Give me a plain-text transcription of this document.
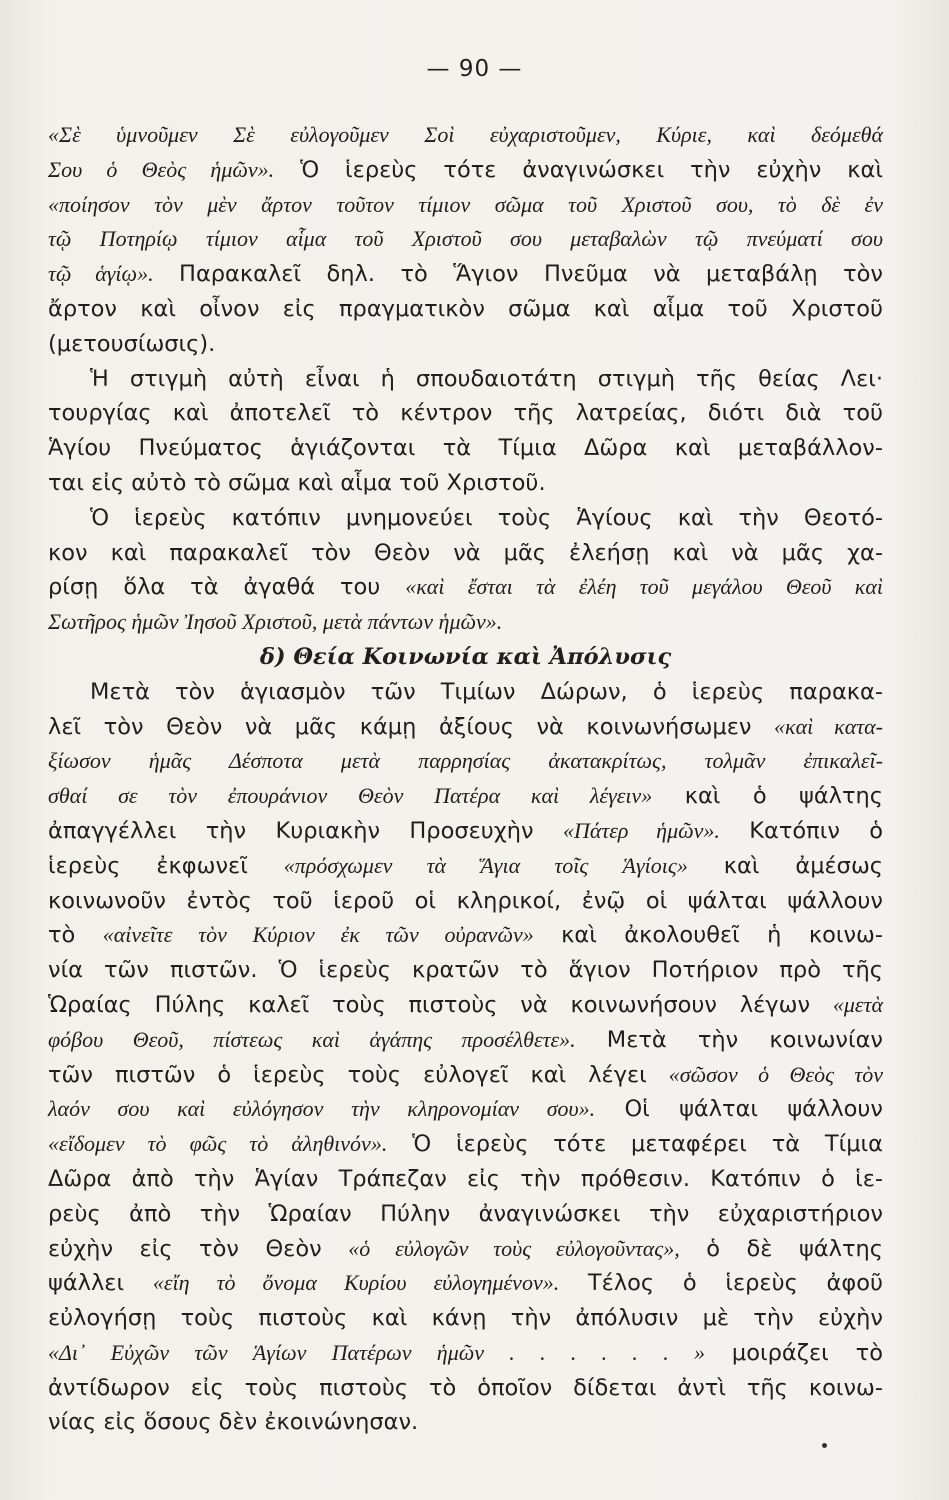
— 90 —
«Σὲ ὑμνοῦμεν Σὲ εὐλογοῦμεν Σοὶ εὐχαριστοῦμεν, Κύριε, καὶ δεόμεθά
Σου ὁ Θεὸς ἡμῶν». Ὁ ἱερεὺς τότε ἀναγινώσκει τὴν εὐχὴν καὶ
«ποίησον τὸν μὲν ἄρτον τοῦτον τίμιον σῶμα τοῦ Χριστοῦ σου, τὸ δὲ ἐν
τῷ Ποτηρίῳ τίμιον αἷμα τοῦ Χριστοῦ σου μεταβαλὼν τῷ πνεύματί σου
τῷ ἁγίῳ». Παρακαλεῖ δηλ. τὸ Ἅγιον Πνεῦμα νὰ μεταβάλῃ τὸν
ἄρτον καὶ οἶνον εἰς πραγματικὸν σῶμα καὶ αἷμα τοῦ Χριστοῦ
(μετουσίωσις).
Ἡ στιγμὴ αὐτὴ εἶναι ἡ σπουδαιοτάτη στιγμὴ τῆς θείας Λει·
τουργίας καὶ ἀποτελεῖ τὸ κέντρον τῆς λατρείας, διότι διὰ τοῦ
Ἁγίου Πνεύματος ἁγιάζονται τὰ Τίμια Δῶρα καὶ μεταβάλλον-
ται εἰς αὐτὸ τὸ σῶμα καὶ αἷμα τοῦ Χριστοῦ.
Ὁ ἱερεὺς κατόπιν μνημονεύει τοὺς Ἁγίους καὶ τὴν Θεοτό-
κον καὶ παρακαλεῖ τὸν Θεὸν νὰ μᾶς ἐλεήσῃ καὶ νὰ μᾶς χα-
ρίσῃ ὅλα τὰ ἀγαθά του «καὶ ἔσται τὰ ἐλέη τοῦ μεγάλου Θεοῦ καὶ
Σωτῆρος ἡμῶν Ἰησοῦ Χριστοῦ, μετὰ πάντων ἡμῶν».
δ) Θεία Κοινωνία καὶ Ἀπόλυσις
Μετὰ τὸν ἁγιασμὸν τῶν Τιμίων Δώρων, ὁ ἱερεὺς παρακα-
λεῖ τὸν Θεὸν νὰ μᾶς κάμῃ ἀξίους νὰ κοινωνήσωμεν «καὶ κατα-
ξίωσον ἡμᾶς Δέσποτα μετὰ παρρησίας ἀκατακρίτως, τολμᾶν ἐπικαλεῖ-
σθαί σε τὸν ἐπουράνιον Θεὸν Πατέρα καὶ λέγειν» καὶ ὁ ψάλτης
ἀπαγγέλλει τὴν Κυριακὴν Προσευχὴν «Πάτερ ἡμῶν». Κατόπιν ὁ
ἱερεὺς ἐκφωνεῖ «πρόσχωμεν τὰ Ἅγια τοῖς Ἁγίοις» καὶ ἀμέσως
κοινωνοῦν ἐντὸς τοῦ ἱεροῦ οἱ κληρικοί, ἐνῷ οἱ ψάλται ψάλλουν
τὸ «αἰνεῖτε τὸν Κύριον ἐκ τῶν οὐρανῶν» καὶ ἀκολουθεῖ ἡ κοινω-
νία τῶν πιστῶν. Ὁ ἱερεὺς κρατῶν τὸ ἅγιον Ποτήριον πρὸ τῆς
Ὡραίας Πύλης καλεῖ τοὺς πιστοὺς νὰ κοινωνήσουν λέγων «μετὰ
φόβου Θεοῦ, πίστεως καὶ ἀγάπης προσέλθετε». Μετὰ τὴν κοινωνίαν
τῶν πιστῶν ὁ ἱερεὺς τοὺς εὐλογεῖ καὶ λέγει «σῶσον ὁ Θεὸς τὸν
λαόν σου καὶ εὐλόγησον τὴν κληρονομίαν σου». Οἱ ψάλται ψάλλουν
«εἴδομεν τὸ φῶς τὸ ἀληθινόν». Ὁ ἱερεὺς τότε μεταφέρει τὰ Τίμια
Δῶρα ἀπὸ τὴν Ἁγίαν Τράπεζαν εἰς τὴν πρόθεσιν. Κατόπιν ὁ ἱε-
ρεὺς ἀπὸ τὴν Ὡραίαν Πύλην ἀναγινώσκει τὴν εὐχαριστήριον
εὐχὴν εἰς τὸν Θεὸν «ὁ εὐλογῶν τοὺς εὐλογοῦντας», ὁ δὲ ψάλτης
ψάλλει «εἴη τὸ ὄνομα Κυρίου εὐλογημένον». Τέλος ὁ ἱερεὺς ἀφοῦ
εὐλογήσῃ τοὺς πιστοὺς καὶ κάνῃ τὴν ἀπόλυσιν μὲ τὴν εὐχὴν
«Δι᾽ Εὐχῶν τῶν Ἁγίων Πατέρων ἡμῶν . . . . . . » μοιράζει τὸ
ἀντίδωρον εἰς τοὺς πιστοὺς τὸ ὁποῖον δίδεται ἀντὶ τῆς κοινω-
νίας εἰς ὅσους δὲν ἐκοινώνησαν.
